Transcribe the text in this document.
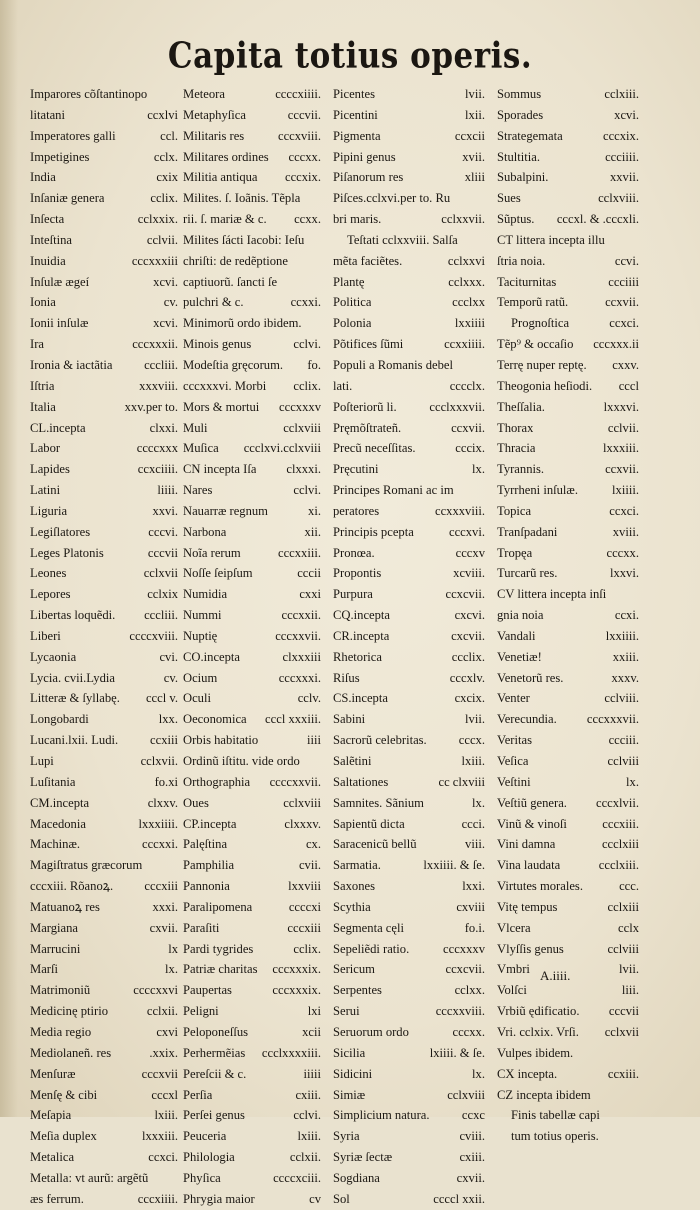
Capita totius operis.
Imparores cõſtantinopo
litatani	ccxlvi
Imperatores galli	ccl.
Impetigines	cclx.
India	cxix
Inſaniæ genera	cclix.
Inſecta	cclxxix.
Inteſtina	cclvii.
Inuidia	cccxxxiii
Inſulæ ægeí	xcvi.
Ionia	cv.
Ionii inſulæ	xcvi.
Ira	cccxxxii.
Ironia & iactãtia	cccliii.
Iſtria	xxxviii.
Italia	xxv.per to.
CL.incepta	clxxi.
Labor	ccccxxx
Lapides	ccxciiii.
Latini	liiii.
Liguria	xxvi.
Legiſlatores	cccvi.
Leges Platonis	cccvii
Leones	cclxvii
Lepores	cclxix
Libertas loquẽdi. cccliii.
Liberi	ccccxviii.
Lycaonia	cvi.
Lycia. cvii.Lydia	cv.
Litteræ & ſyllabę. cccl v.
Longobardi	lxx.
Lucani.lxii. Ludi.	ccxiii
Lupi	cclxvii.
Luſitania	fo.xi
CM.incepta	clxxv.
Macedonia	lxxxiiii.
Machinæ.	cccxxi.
Magiſtratus græcorum
cccxiii. Rõanoꝝ. cccxiii
Matuanoꝝ res	xxxi.
Margiana	cxvii.
Marrucini	lx
Marſi	lx.
Matrimoniũ	ccccxxvi
Medicinę ptirio	cclxii.
Media regio	cxvi
Mediolaneñ. res	.xxix.
Menſuræ	cccxvii
Menſę & cibi	cccxl
Meſapia	lxiii.
Meſia duplex	lxxxiii.
Metalica	ccxci.
Metalla: vt aurũ: argẽtũ
æs ferrum.	cccxiiii.
Meteora	ccccxiiii.
Metaphyſica	cccvii.
Militaris res	cccxviii.
Militares ordines cccxx.
Militia antiqua cccxix.
Milites. ſ. Ioãnis. Tẽpla
rii. ſ. mariæ & c. ccxx.
Milites ſácti Iacobi: Ieſu
chriſti: de redẽptione
captiuorũ. ſancti ſe
pulchri & c.	ccxxi.
Minimorũ ordo ibidem.
Minois genus	cclvi.
Modeſtia gręcorum. fo.
cccxxxvi. Morbi cclix.
Mors & mortui cccxxxv
Muli	cclxviii
Muſica ccclxvi.cclxviii
CN incepta Iſa clxxxi.
Nares	cclvi.
Nauarræ regnum	xi.
Narbona	xii.
Noĩa rerum	cccxxiii.
Noſſe ſeipſum	cccii
Numidia	cxxi
Nummi	cccxxii.
Nuptię	cccxxvii.
CO.incepta	clxxxiii
Ocium	cccxxxi.
Oculi	cclv.
Oeconomica cccl xxxiii.
Orbis habitatio	iiii
Ordinũ iſtitu. vide ordo
Orthographia ccccxxvii.
Oues	cclxviii
CP.incepta	clxxxv.
Palęſtina	cx.
Pamphilia	cvii.
Pannonia	lxxviii
Paralipomena	ccccxi
Paraſiti	cccxiii
Pardi tygrides	cclix.
Patriæ charitas cccxxxix.
Paupertas	cccxxxix.
Peligni	lxi
Peloponeſſus	xcii
Perhermẽias ccclxxxxiii.
Pereſcii & c.	iiiii
Perſia	cxiii.
Perſei genus	cclvi.
Peuceria	lxiii.
Philologia	cclxii.
Phyſica	ccccxciii.
Phrygia maior	cv
Picentes	lvii.
Picentini	lxii.
Pigmenta	ccxcii
Pipini genus	xvii.
Piſanorum res	xliii
Piſces.cclxvi.per to. Ru
bri maris.	cclxxvii.
Teſtati cclxxviii. Salſa
mẽta faciẽtes.	cclxxvi
Plantę	cclxxx.
Politica	ccclxx
Polonia	lxxiiii
Põtifices ſũmi	ccxxiiii.
Populi a Romanis debel
lati.	cccclx.
Poſteriorũ li.	ccclxxxvii.
Pręmõſtrateñ.	ccxvii.
Precũ neceſſitas.	cccix.
Pręcutini	lx.
Principes Romani ac im
peratores	ccxxxviii.
Principis pcepta	cccxvi.
Pronœa.	cccxv
Propontis	xcviii.
Purpura	ccxcvii.
CQ.incepta	cxcvi.
CR.incepta	cxcvii.
Rhetorica	ccclix.
Riſus	cccxlv.
CS.incepta	cxcix.
Sabini	lvii.
Sacrorũ celebritas.	cccx.
Salẽtini	lxiii.
Saltationes	cc clxviii
Samnites. Sãnium	lx.
Sapientũ dicta	ccci.
Saracenicũ bellũ	viii.
Sarmatia.	lxxiiii. & ſe.
Saxones	lxxi.
Scythia	cxviii
Segmenta cęli	fo.i.
Sepeliẽdi ratio.	cccxxxv
Sericum	ccxcvii.
Serpentes	cclxx.
Serui	cccxxviii.
Seruorum ordo	cccxx.
Sicilia	lxiiii. & ſe.
Sidicini	lx.
Simiæ	cclxviii
Simplicium natura.	ccxc
Syria	cviii.
Syriæ ſectæ	cxiii.
Sogdiana	cxvii.
Sol	ccccl xxii.
Sommus	cclxiii.
Sporades	xcvi.
Strategemata	cccxix.
Stultitia.	ccciiii.
Subalpini.	xxvii.
Sues	cclxviii.
Sũptus. cccxl. & .cccxli.
CT littera incepta illu
ſtria noia.	ccvi.
Taciturnitas	ccciiii
Temporũ ratũ.	ccxvii.
Prognoſtica	ccxci.
Tẽp⁹ & occaſio cccxxx.ii
Terrę nuper reptę. cxxv.
Theogonia heſiodi. cccl
Theſſalia.	lxxxvi.
Thorax	cclvii.
Thracia	lxxxiii.
Tyrannis.	ccxvii.
Tyrrheni inſulæ.	lxiiii.
Topica	ccxci.
Tranſpadani	xviii.
Tropęa	cccxx.
Turcarũ res.	lxxvi.
CV littera incepta inſi
gnia noia	ccxi.
Vandali	lxxiiii.
Venetiæ!	xxiii.
Venetorũ res.	xxxv.
Venter	cclviii.
Verecundia. cccxxxvii.
Veritas	ccciii.
Veſica	cclviii
Veſtini	lx.
Veſtiũ genera. cccxlvii.
Vinũ & vinoſi	cccxiii.
Vini damna	ccclxiii
Vina laudata	ccclxiii.
Virtutes morales.	ccc.
Vitę tempus	cclxiii
Vlcera	cclx
Vlyſſis genus	cclviii
Vmbri	lvii.
Volſci	liii.
Vrbiũ ędificatio. cccvii
Vri. cclxix. Vrſi. cclxvii
Vulpes ibidem.
CX incepta.	ccxiii.
CZ incepta ibidem
Finis tabellæ capi
tum totius operis.
A.iiii.
